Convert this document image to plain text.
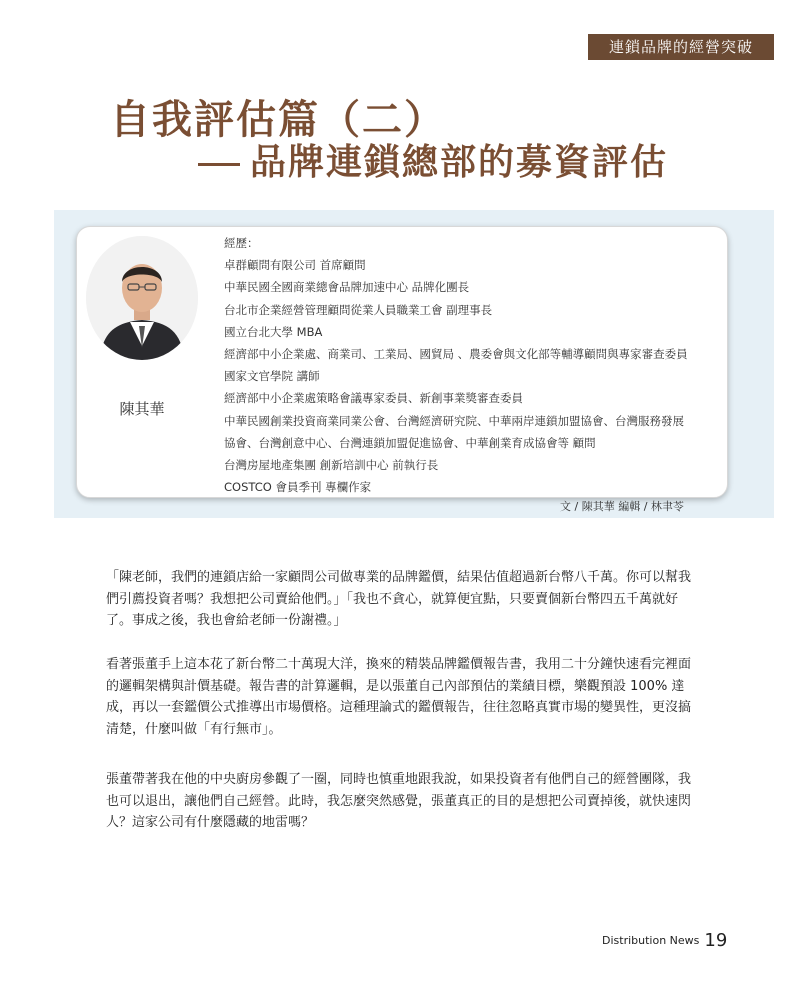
連鎖品牌的經營突破
自我評估篇（二）
品牌連鎖總部的募資評估
陳其華
經歷：
卓群顧問有限公司 首席顧問
中華民國全國商業總會品牌加速中心 品牌化團長
台北市企業經營管理顧問從業人員職業工會 副理事長
國立台北大學 MBA
經濟部中小企業處、商業司、工業局、國貿局 、農委會與文化部等輔導顧問與專家審查委員
國家文官學院 講師
經濟部中小企業處策略會議專家委員、新創事業獎審查委員
中華民國創業投資商業同業公會、台灣經濟研究院、中華兩岸連鎖加盟協會、台灣服務發展
協會、台灣創意中心、台灣連鎖加盟促進協會、中華創業育成協會等 顧問
台灣房屋地產集團 創新培訓中心 前執行長
COSTCO 會員季刊 專欄作家
文 / 陳其華 編輯 / 林聿苓

「陳老師，我們的連鎖店給一家顧問公司做專業的品牌鑑價，結果估值超過新台幣八千萬。你可以幫我們引薦投資者嗎？我想把公司賣給他們。」「我也不貪心，就算便宜點，只要賣個新台幣四五千萬就好了。事成之後，我也會給老師一份謝禮。」

看著張董手上這本花了新台幣二十萬現大洋，換來的精裝品牌鑑價報告書，我用二十分鐘快速看完裡面的邏輯架構與計價基礎。報告書的計算邏輯，是以張董自己內部預估的業績目標，樂觀預設 100% 達成，再以一套鑑價公式推導出市場價格。這種理論式的鑑價報告，往往忽略真實市場的變異性，更沒搞清楚，什麼叫做「有行無市」。

張董帶著我在他的中央廚房參觀了一圈，同時也慎重地跟我說，如果投資者有他們自己的經營團隊，我也可以退出，讓他們自己經營。此時，我怎麼突然感覺，張董真正的目的是想把公司賣掉後，就快速閃人？這家公司有什麼隱藏的地雷嗎？

Distribution News 19
